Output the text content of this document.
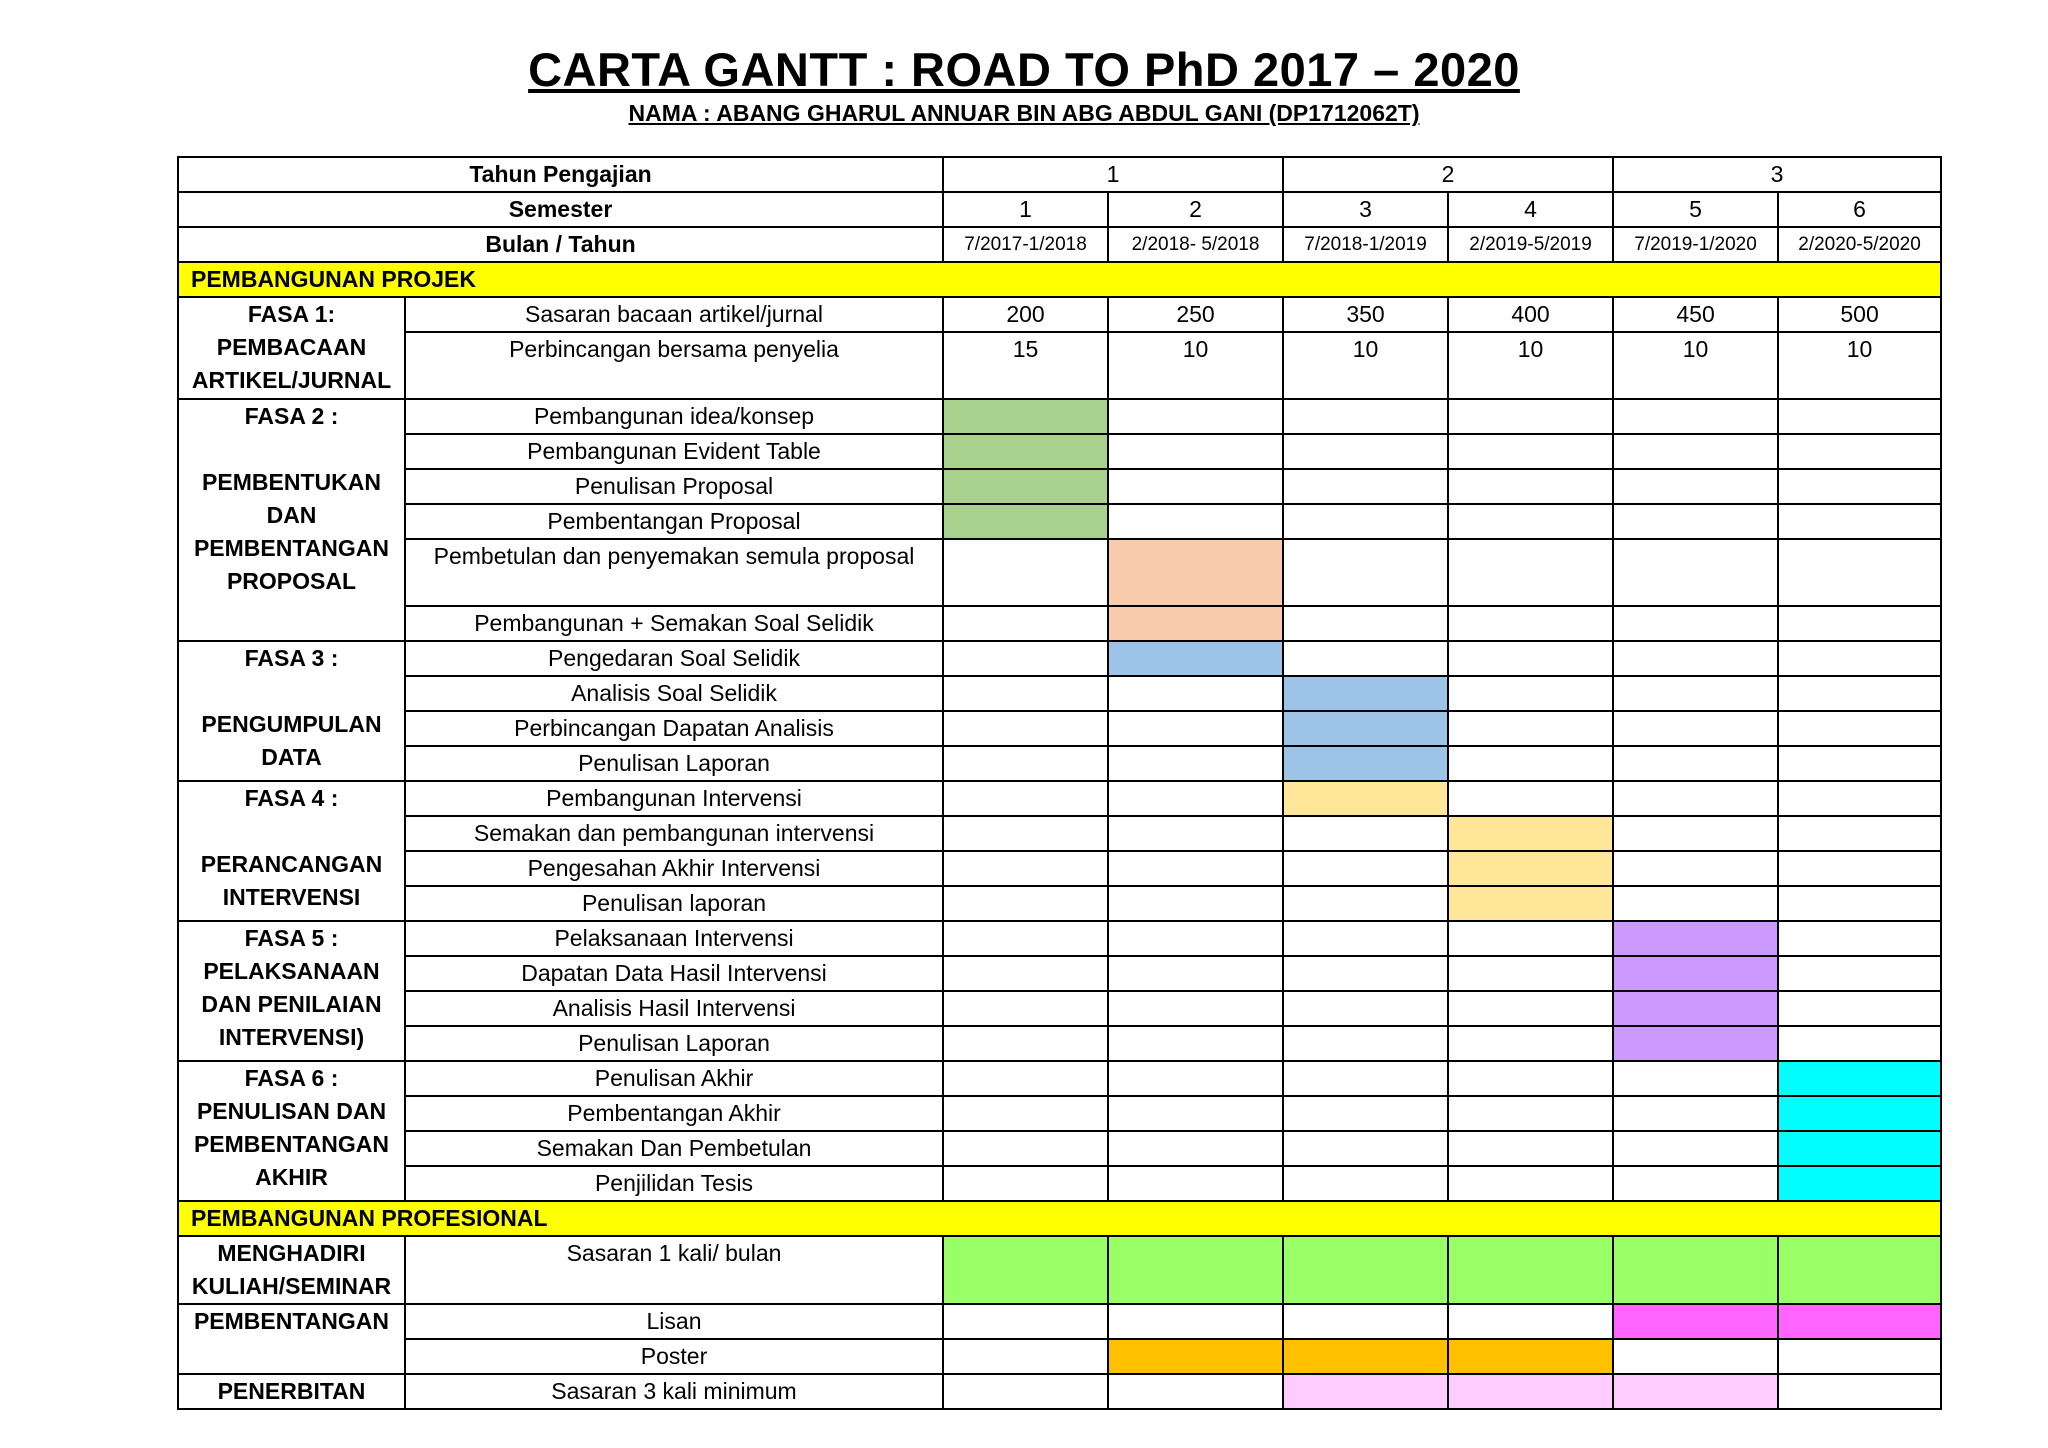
CARTA GANTT : ROAD TO PhD 2017 – 2020
NAMA : ABANG GHARUL ANNUAR BIN ABG ABDUL GANI (DP1712062T)
Tahun Pengajian		1		2		3	
Semester		1	2	3	4	5	6
Bulan / Tahun		7/2017-1/2018	2/2018- 5/2018	7/2018-1/2019	2/2019-5/2019	7/2019-1/2020	2/2020-5/2020
PEMBANGUNAN PROJEK							
FASA 1:
PEMBACAAN
ARTIKEL/JURNAL	Sasaran bacaan artikel/jurnal	200	250	350	400	450	500
	Perbincangan bersama penyelia	15	10	10	10	10	10
FASA 2 :

PEMBENTUKAN
DAN
PEMBENTANGAN
PROPOSAL	Pembangunan idea/konsep						
	Pembangunan Evident Table						
	Penulisan Proposal						
	Pembentangan Proposal						
	Pembetulan dan penyemakan semula proposal						
	Pembangunan + Semakan Soal Selidik						
FASA 3 :

PENGUMPULAN
DATA	Pengedaran Soal Selidik						
	Analisis Soal Selidik						
	Perbincangan Dapatan Analisis						
	Penulisan Laporan						
FASA 4 :

PERANCANGAN
INTERVENSI	Pembangunan Intervensi						
	Semakan dan pembangunan intervensi						
	Pengesahan Akhir Intervensi						
	Penulisan laporan						
FASA 5 :
PELAKSANAAN
DAN PENILAIAN
INTERVENSI)	Pelaksanaan Intervensi						
	Dapatan Data Hasil Intervensi						
	Analisis Hasil Intervensi						
	Penulisan Laporan						
FASA 6 :
PENULISAN DAN
PEMBENTANGAN
AKHIR	Penulisan Akhir						
	Pembentangan Akhir						
	Semakan Dan Pembetulan						
	Penjilidan Tesis						
PEMBANGUNAN PROFESIONAL							
MENGHADIRI
KULIAH/SEMINAR	Sasaran 1 kali/ bulan						
PEMBENTANGAN	Lisan						
	Poster						
PENERBITAN	Sasaran 3 kali minimum						
